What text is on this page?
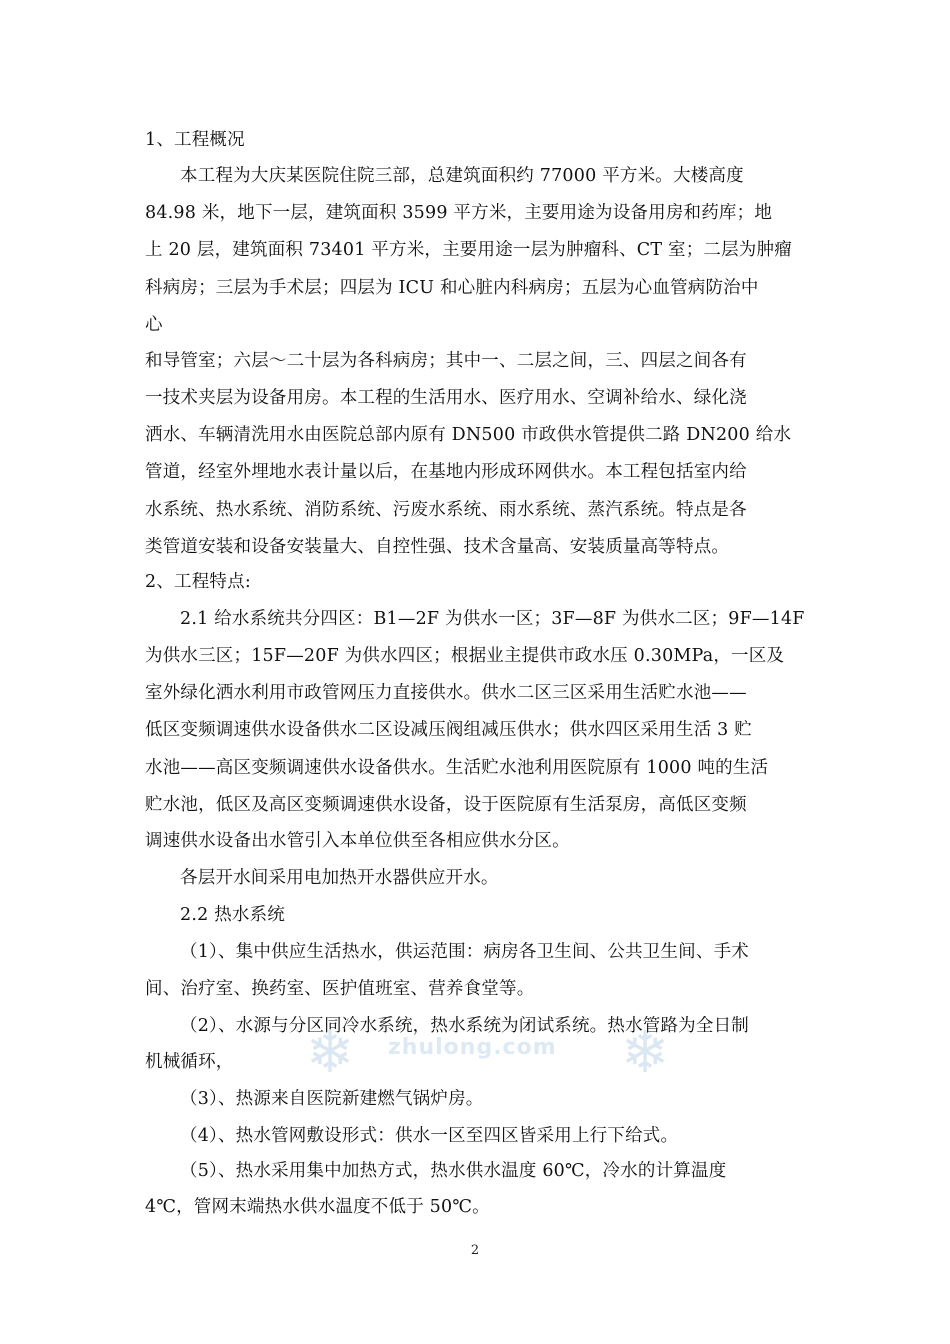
1、工程概况
本工程为大庆某医院住院三部，总建筑面积约 77000 平方米。大楼高度
84.98 米，地下一层，建筑面积 3599 平方米，主要用途为设备用房和药库；地
上 20 层，建筑面积 73401 平方米，主要用途一层为肿瘤科、CT 室；二层为肿瘤
科病房；三层为手术层；四层为 ICU 和心脏内科病房；五层为心血管病防治中
心
和导管室；六层～二十层为各科病房；其中一、二层之间，三、四层之间各有
一技术夹层为设备用房。本工程的生活用水、医疗用水、空调补给水、绿化浇
洒水、车辆清洗用水由医院总部内原有 DN500 市政供水管提供二路 DN200 给水
管道，经室外埋地水表计量以后，在基地内形成环网供水。本工程包括室内给
水系统、热水系统、消防系统、污废水系统、雨水系统、蒸汽系统。特点是各
类管道安装和设备安装量大、自控性强、技术含量高、安装质量高等特点。
2、工程特点:
2.1 给水系统共分四区：B1—2F 为供水一区；3F—8F 为供水二区；9F—14F
为供水三区；15F—20F 为供水四区；根据业主提供市政水压 0.30MPa，一区及
室外绿化洒水利用市政管网压力直接供水。供水二区三区采用生活贮水池——
低区变频调速供水设备供水二区设减压阀组减压供水；供水四区采用生活 3 贮
水池——高区变频调速供水设备供水。生活贮水池利用医院原有 1000 吨的生活
贮水池，低区及高区变频调速供水设备，设于医院原有生活泵房，高低区变频
调速供水设备出水管引入本单位供至各相应供水分区。
各层开水间采用电加热开水器供应开水。
2.2 热水系统
（1）、集中供应生活热水，供运范围：病房各卫生间、公共卫生间、手术
间、治疗室、换药室、医护值班室、营养食堂等。
（2）、水源与分区同冷水系统，热水系统为闭试系统。热水管路为全日制
机械循环，
（3）、热源来自医院新建燃气锅炉房。
（4）、热水管网敷设形式：供水一区至四区皆采用上行下给式。
（5）、热水采用集中加热方式，热水供水温度 60℃，冷水的计算温度
4℃，管网末端热水供水温度不低于 50℃。
❄ zhulong.com ❄
2
